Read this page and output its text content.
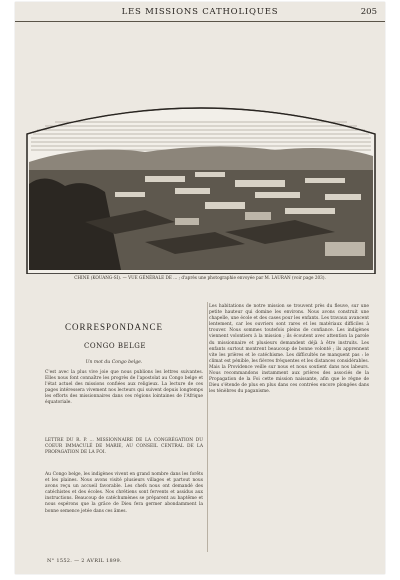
LES MISSIONS CATHOLIQUES	205
CHINE (KOUANG-SI). — VUE GÉNÉRALE DE ... ; d'après une photographie envoyée par M. LAURAN (voir page 203).
CORRESPONDANCE
CONGO BELGE
Un mot du Congo belge.

C'est avec la plus vive joie que nous publions les lettres suivantes. Elles nous font connaître les progrès de l'apostolat au Congo belge et l'état actuel des missions confiées aux religieux. La lecture de ces pages intéressera vivement nos lecteurs qui suivent depuis longtemps les efforts des missionnaires dans ces régions lointaines de l'Afrique équatoriale.

LETTRE DU R. P. ... MISSIONNAIRE DE LA CONGRÉGATION DU COEUR IMMACULÉ DE MARIE, AU CONSEIL CENTRAL DE LA PROPAGATION DE LA FOI.

Au Congo belge, les indigènes vivent en grand nombre dans les forêts et les plaines. Nous avons visité plusieurs villages et partout nous avons reçu un accueil favorable. Les chefs nous ont demandé des catéchistes et des écoles. Nos chrétiens sont fervents et assidus aux instructions. Beaucoup de catéchumènes se préparent au baptême et nous espérons que la grâce de Dieu fera germer abondamment la bonne semence jetée dans ces âmes.

Les habitations de notre mission se trouvent près du fleuve, sur une petite hauteur qui domine les environs. Nous avons construit une chapelle, une école et des cases pour les enfants. Les travaux avancent lentement, car les ouvriers sont rares et les matériaux difficiles à trouver. Nous sommes toutefois pleins de confiance. Les indigènes viennent volontiers à la mission ; ils écoutent avec attention la parole du missionnaire et plusieurs demandent déjà à être instruits. Les enfants surtout montrent beaucoup de bonne volonté ; ils apprennent vite les prières et le catéchisme. Les difficultés ne manquent pas : le climat est pénible, les fièvres fréquentes et les distances considérables. Mais la Providence veille sur nous et nous soutient dans nos labeurs. Nous recommandons instamment aux prières des associés de la Propagation de la Foi cette mission naissante, afin que le règne de Dieu s'étende de plus en plus dans ces contrées encore plongées dans les ténèbres du paganisme.

N° 1552. — 2 AVRIL 1899.
